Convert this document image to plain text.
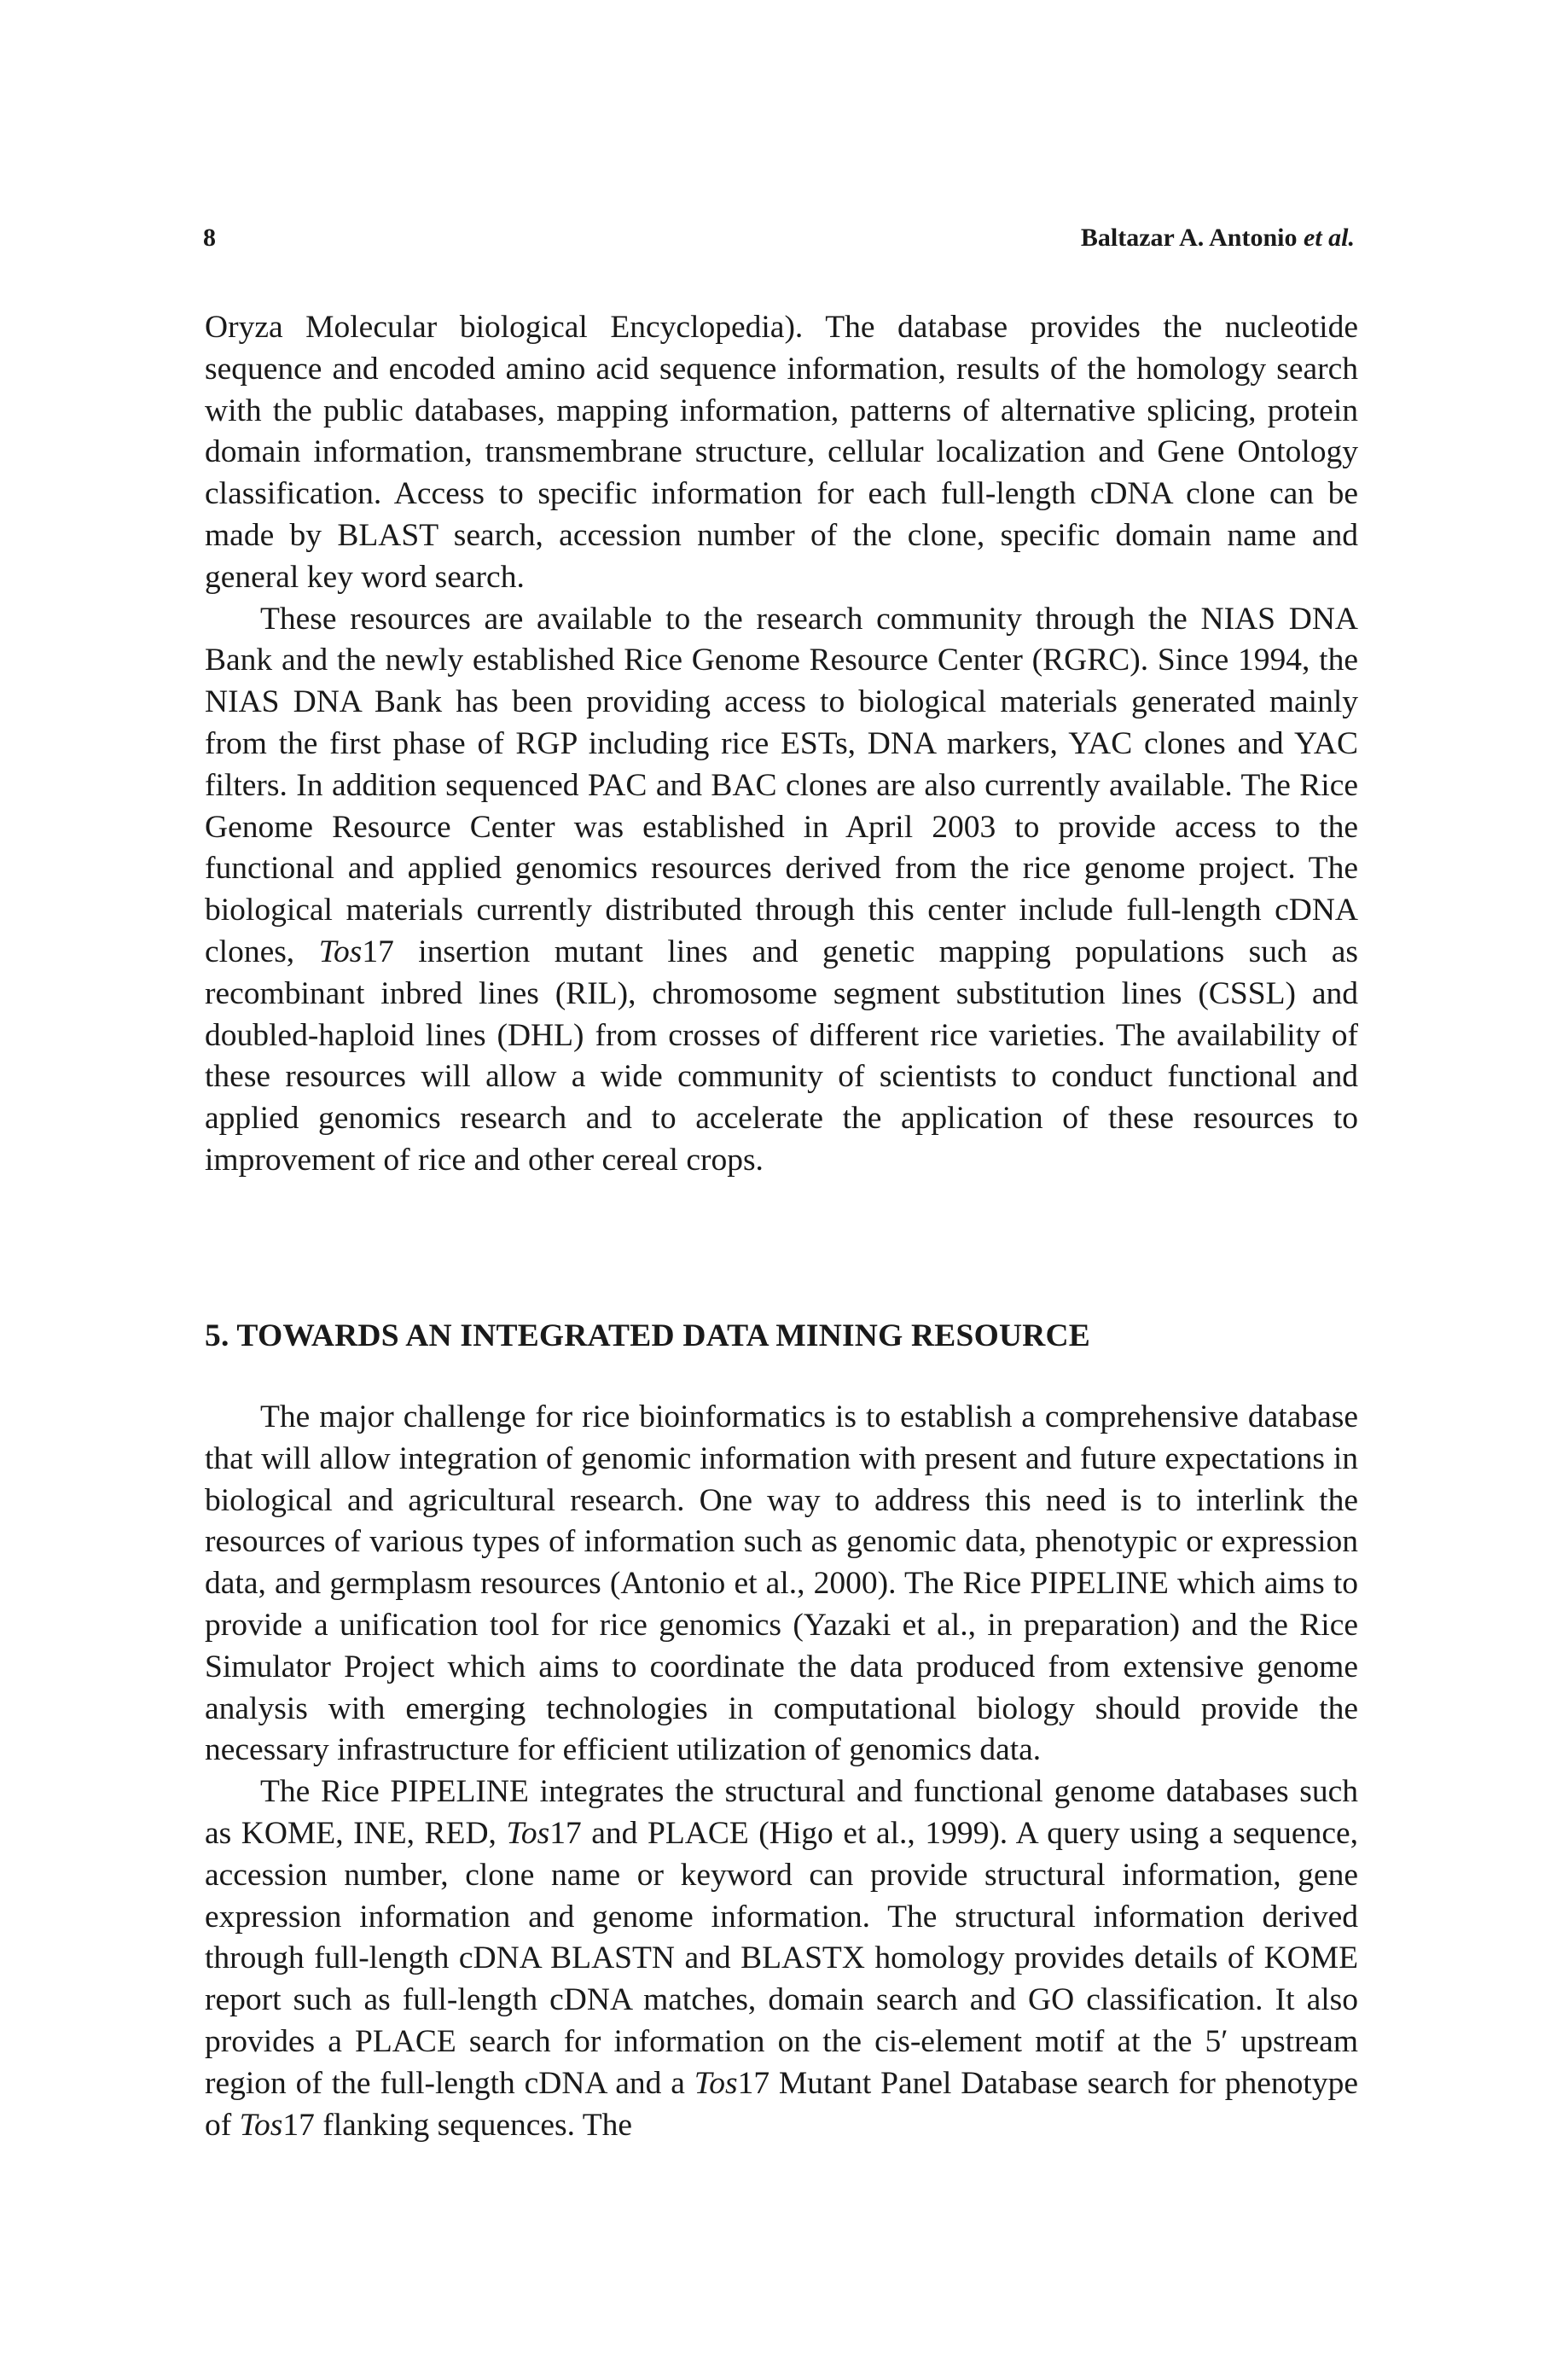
8	Baltazar A. Antonio et al.

Oryza Molecular biological Encyclopedia). The database provides the nucleotide sequence and encoded amino acid sequence information, results of the homology search with the public databases, mapping information, patterns of alternative splicing, protein domain information, transmembrane structure, cellular localization and Gene Ontology classification. Access to specific information for each full-length cDNA clone can be made by BLAST search, accession number of the clone, specific domain name and general key word search.

These resources are available to the research community through the NIAS DNA Bank and the newly established Rice Genome Resource Center (RGRC). Since 1994, the NIAS DNA Bank has been providing access to biological materials generated mainly from the first phase of RGP including rice ESTs, DNA markers, YAC clones and YAC filters. In addition sequenced PAC and BAC clones are also currently available. The Rice Genome Resource Center was established in April 2003 to provide access to the functional and applied genomics resources derived from the rice genome project. The biological materials currently distributed through this center include full-length cDNA clones, Tos17 insertion mutant lines and genetic mapping populations such as recombinant inbred lines (RIL), chromosome segment substitution lines (CSSL) and doubled-haploid lines (DHL) from crosses of different rice varieties. The availability of these resources will allow a wide community of scientists to conduct functional and applied genomics research and to accelerate the application of these resources to improvement of rice and other cereal crops.

5. TOWARDS AN INTEGRATED DATA MINING RESOURCE

The major challenge for rice bioinformatics is to establish a comprehensive database that will allow integration of genomic information with present and future expectations in biological and agricultural research. One way to address this need is to interlink the resources of various types of information such as genomic data, phenotypic or expression data, and germplasm resources (Antonio et al., 2000). The Rice PIPELINE which aims to provide a unification tool for rice genomics (Yazaki et al., in preparation) and the Rice Simulator Project which aims to coordinate the data produced from extensive genome analysis with emerging technologies in computational biology should provide the necessary infrastructure for efficient utilization of genomics data.

The Rice PIPELINE integrates the structural and functional genome databases such as KOME, INE, RED, Tos17 and PLACE (Higo et al., 1999). A query using a sequence, accession number, clone name or keyword can provide structural information, gene expression information and genome information. The structural information derived through full-length cDNA BLASTN and BLASTX homology provides details of KOME report such as full-length cDNA matches, domain search and GO classification. It also provides a PLACE search for information on the cis-element motif at the 5′ upstream region of the full-length cDNA and a Tos17 Mutant Panel Database search for phenotype of Tos17 flanking sequences. The
